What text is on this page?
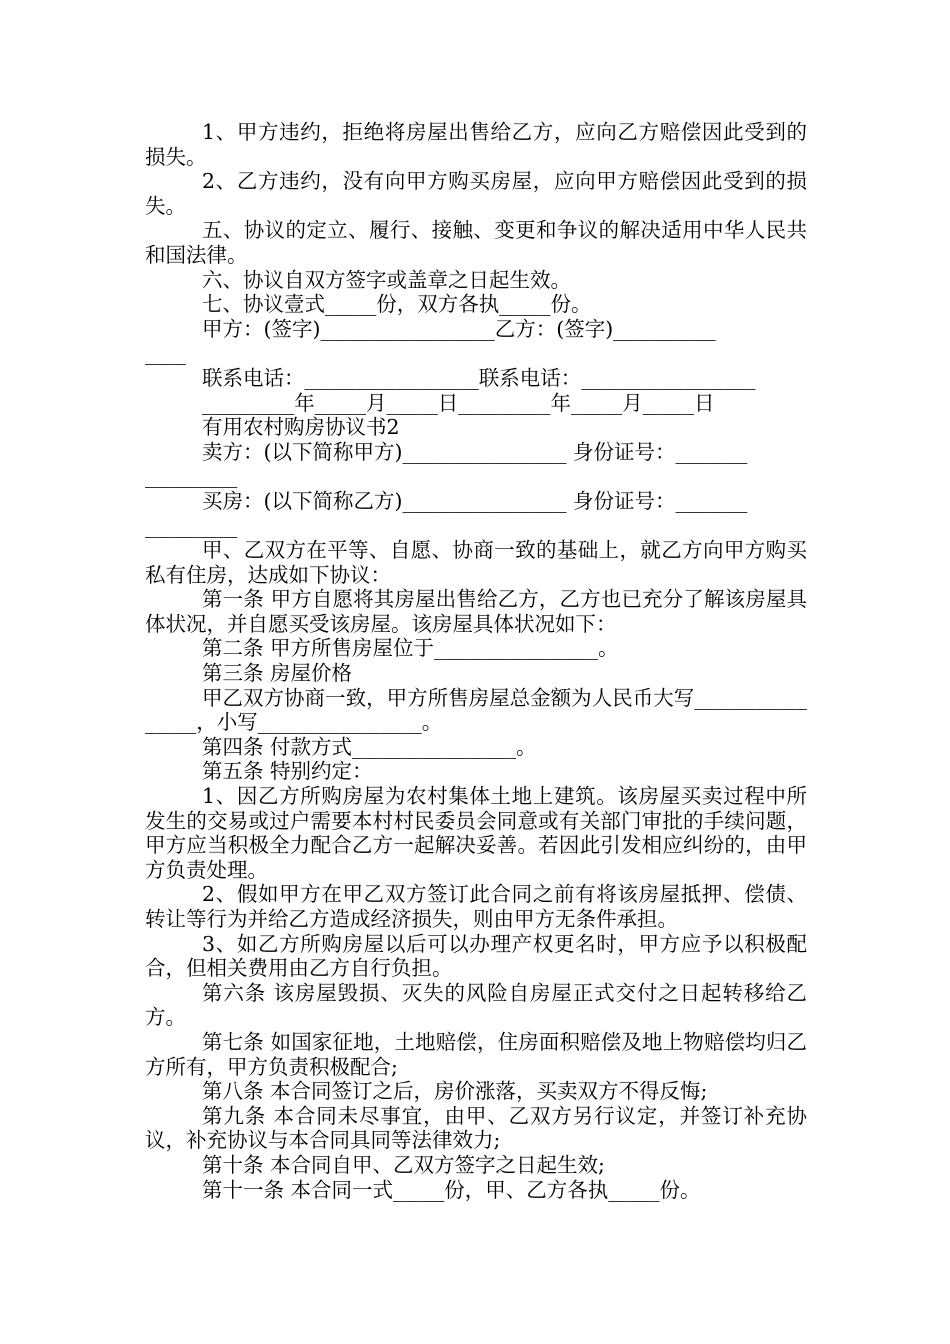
1、甲方违约，拒绝将房屋出售给乙方，应向乙方赔偿因此受到的损失。
2、乙方违约，没有向甲方购买房屋，应向甲方赔偿因此受到的损失。
五、协议的定立、履行、接触、变更和争议的解决适用中华人民共和国法律。
六、协议自双方签字或盖章之日起生效。
七、协议壹式_____份，双方各执_____份。
甲方：(签字)_________________乙方：(签字)__________
____
联系电话：_________________联系电话：_________________
_________年_____月_____日_________年_____月_____日
有用农村购房协议书2
卖方：(以下简称甲方)________________ 身份证号：_______
_________
买房：(以下简称乙方)________________ 身份证号：_______
_________
甲、乙双方在平等、自愿、协商一致的基础上，就乙方向甲方购买私有住房，达成如下协议：
第一条 甲方自愿将其房屋出售给乙方，乙方也已充分了解该房屋具体状况，并自愿买受该房屋。该房屋具体状况如下：
第二条 甲方所售房屋位于________________。
第三条 房屋价格
甲乙双方协商一致，甲方所售房屋总金额为人民币大写________________，小写________________。
第四条 付款方式________________。
第五条 特别约定：
1、因乙方所购房屋为农村集体土地上建筑。该房屋买卖过程中所发生的交易或过户需要本村村民委员会同意或有关部门审批的手续问题，甲方应当积极全力配合乙方一起解决妥善。若因此引发相应纠纷的，由甲方负责处理。
2、假如甲方在甲乙双方签订此合同之前有将该房屋抵押、偿债、转让等行为并给乙方造成经济损失，则由甲方无条件承担。
3、如乙方所购房屋以后可以办理产权更名时，甲方应予以积极配合，但相关费用由乙方自行负担。
第六条 该房屋毁损、灭失的风险自房屋正式交付之日起转移给乙方。
第七条 如国家征地，土地赔偿，住房面积赔偿及地上物赔偿均归乙方所有，甲方负责积极配合;
第八条 本合同签订之后，房价涨落，买卖双方不得反悔;
第九条 本合同未尽事宜，由甲、乙双方另行议定，并签订补充协议，补充协议与本合同具同等法律效力;
第十条 本合同自甲、乙双方签字之日起生效;
第十一条 本合同一式_____份，甲、乙方各执_____份。
